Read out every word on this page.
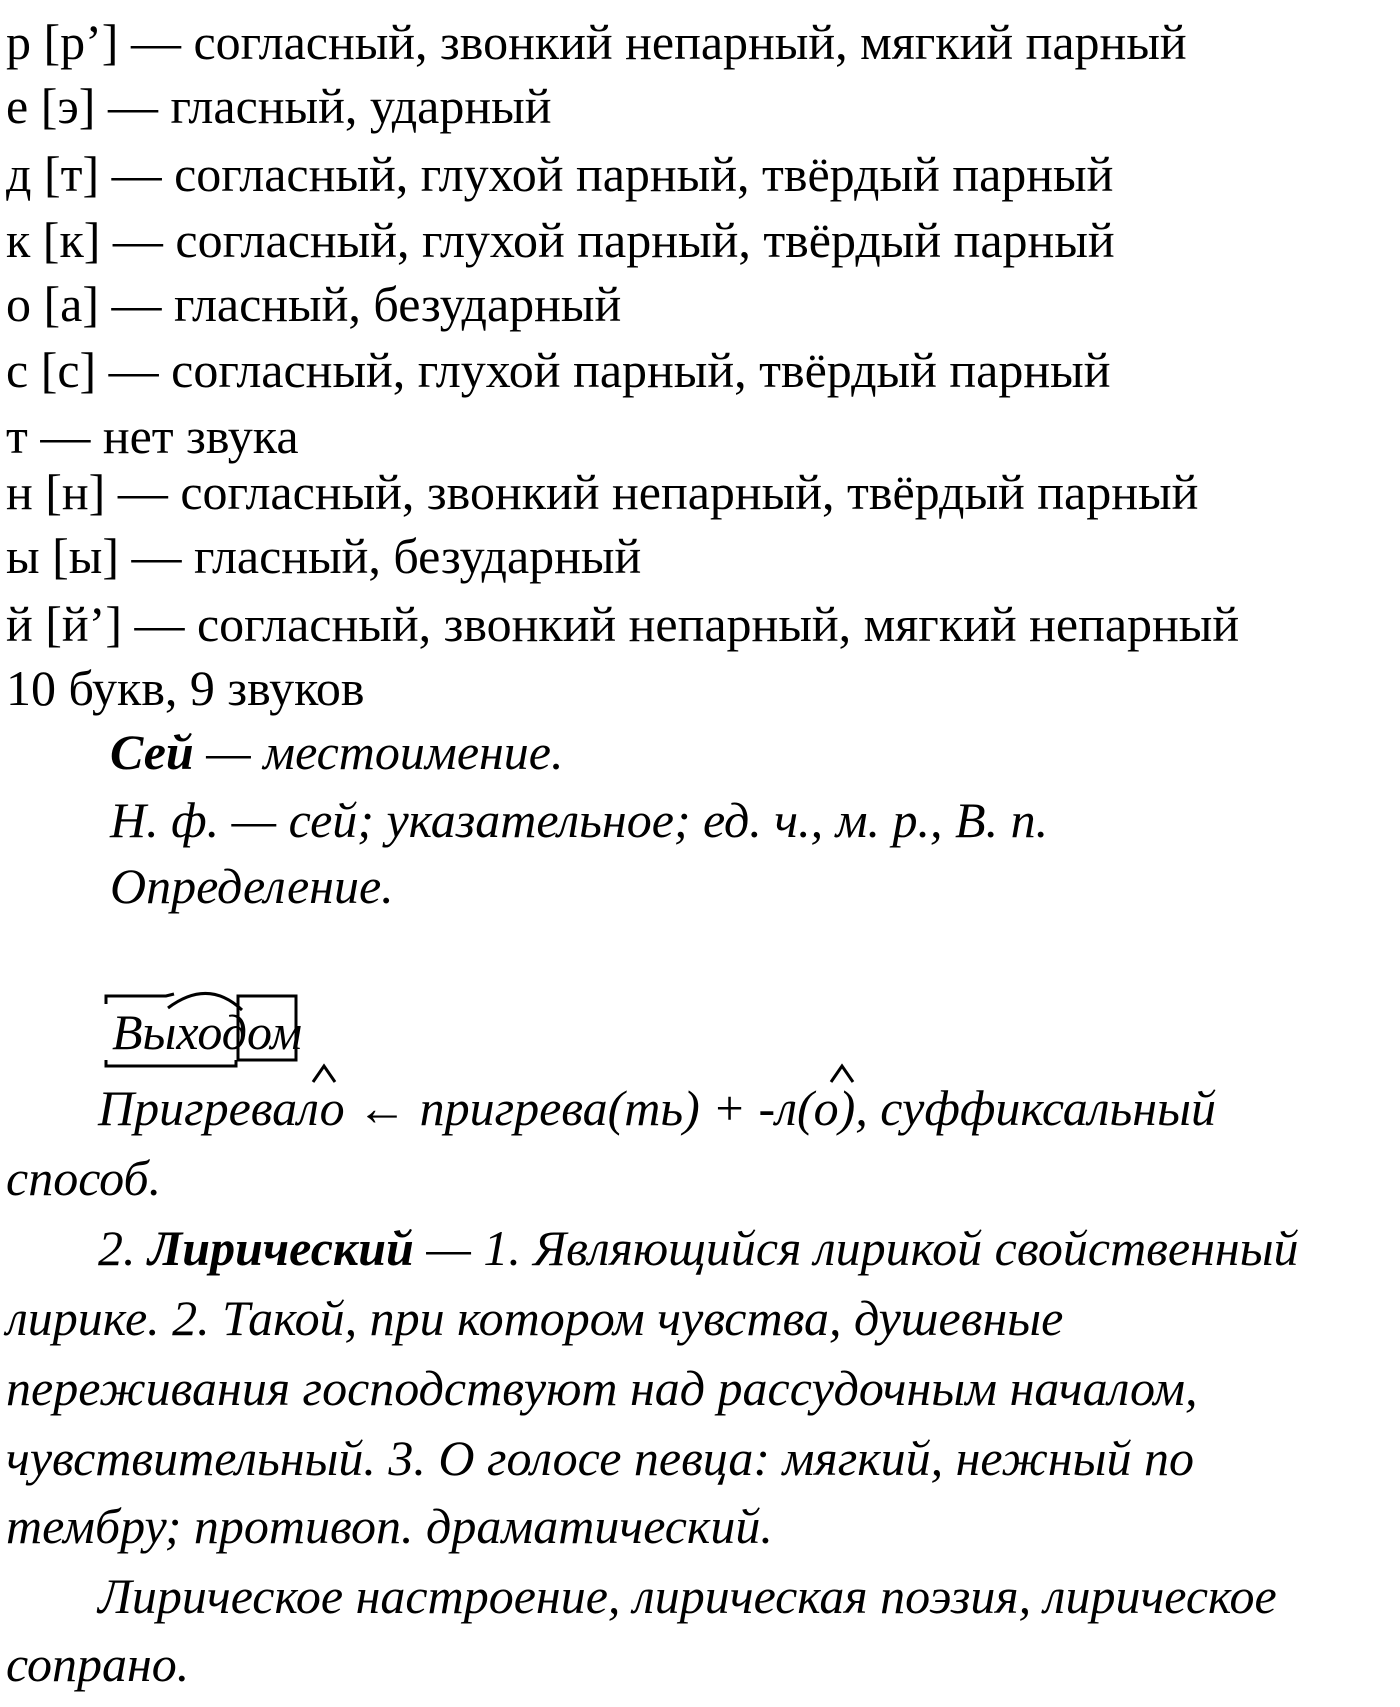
р [р’] — согласный, звонкий непарный, мягкий парный
е [э] — гласный, ударный
д [т] — согласный, глухой парный, твёрдый парный
к [к] — согласный, глухой парный, твёрдый парный
о [а] — гласный, безударный
с [с] — согласный, глухой парный, твёрдый парный
т — нет звука
н [н] — согласный, звонкий непарный, твёрдый парный
ы [ы] — гласный, безударный
й [й’] — согласный, звонкий непарный, мягкий непарный
10 букв, 9 звуков
Сей — местоимение.
Н. ф. — сей; указательное; ед. ч., м. р., В. п.
Определение.
Выходом
Пригревало ← пригрева(ть) + -л(о), суффиксальный
способ.
2. Лирический — 1. Являющийся лирикой свойственный
лирике. 2. Такой, при котором чувства, душевные
переживания господствуют над рассудочным началом,
чувствительный. 3. О голосе певца: мягкий, нежный по
тембру; противоп. драматический.
Лирическое настроение, лирическая поэзия, лирическое
сопрано.
